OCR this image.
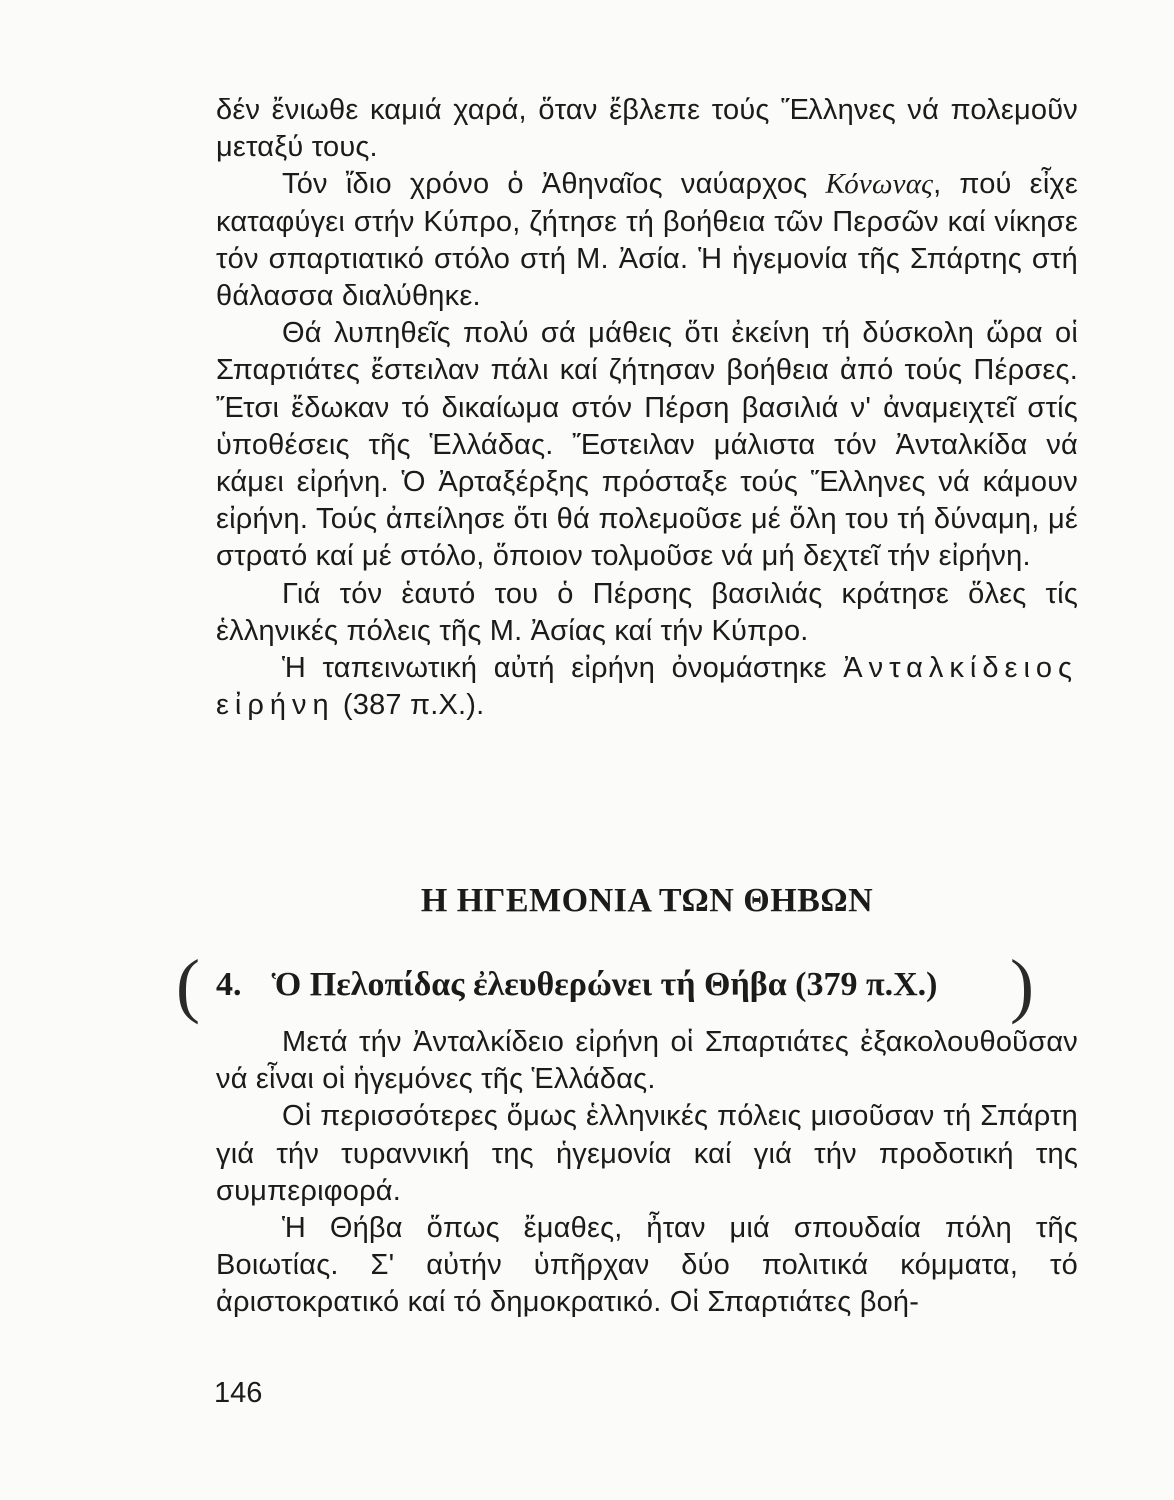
δέν ἔνιωθε καμιά χαρά, ὅταν ἔβλεπε τούς Ἕλληνες νά πολεμοῦν μεταξύ τους.

Τόν ἴδιο χρόνο ὁ Ἀθηναῖος ναύαρχος Κόνωνας, πού εἶχε καταφύγει στήν Κύπρο, ζήτησε τή βοήθεια τῶν Περσῶν καί νίκησε τόν σπαρτιατικό στόλο στή Μ. Ἀσία. Ἡ ἡγεμονία τῆς Σπάρτης στή θάλασσα διαλύθηκε.

Θά λυπηθεῖς πολύ σά μάθεις ὅτι ἐκείνη τή δύσκολη ὥρα οἱ Σπαρτιάτες ἔστειλαν πάλι καί ζήτησαν βοήθεια ἀπό τούς Πέρσες. Ἔτσι ἔδωκαν τό δικαίωμα στόν Πέρση βασιλιά ν' ἀναμειχτεῖ στίς ὑποθέσεις τῆς Ἑλλάδας. Ἔστειλαν μάλιστα τόν Ἀνταλκίδα νά κάμει εἰρήνη. Ὁ Ἀρταξέρξης πρόσταξε τούς Ἕλληνες νά κάμουν εἰρήνη. Τούς ἀπείλησε ὅτι θά πολεμοῦσε μέ ὅλη του τή δύναμη, μέ στρατό καί μέ στόλο, ὅποιον τολμοῦσε νά μή δεχτεῖ τήν εἰρήνη.

Γιά τόν ἑαυτό του ὁ Πέρσης βασιλιάς κράτησε ὅλες τίς ἑλληνικές πόλεις τῆς Μ. Ἀσίας καί τήν Κύπρο.

Ἡ ταπεινωτική αὐτή εἰρήνη ὀνομάστηκε Ἀνταλκίδειος εἰρήνη (387 π.Χ.).

Η ΗΓΕΜΟΝΙΑ ΤΩΝ ΘΗΒΩΝ
( 4. Ὁ Πελοπίδας ἐλευθερώνει τή Θήβα (379 π.Χ.)	)

Μετά τήν Ἀνταλκίδειο εἰρήνη οἱ Σπαρτιάτες ἐξακολουθοῦσαν νά εἶναι οἱ ἡγεμόνες τῆς Ἑλλάδας.

Οἱ περισσότερες ὅμως ἑλληνικές πόλεις μισοῦσαν τή Σπάρτη γιά τήν τυραννική της ἡγεμονία καί γιά τήν προδοτική της συμπεριφορά.

Ἡ Θήβα ὅπως ἔμαθες, ἦταν μιά σπουδαία πόλη τῆς Βοιωτίας. Σ' αὐτήν ὑπῆρχαν δύο πολιτικά κόμματα, τό ἀριστοκρατικό καί τό δημοκρατικό. Οἱ Σπαρτιάτες βοή-

146
